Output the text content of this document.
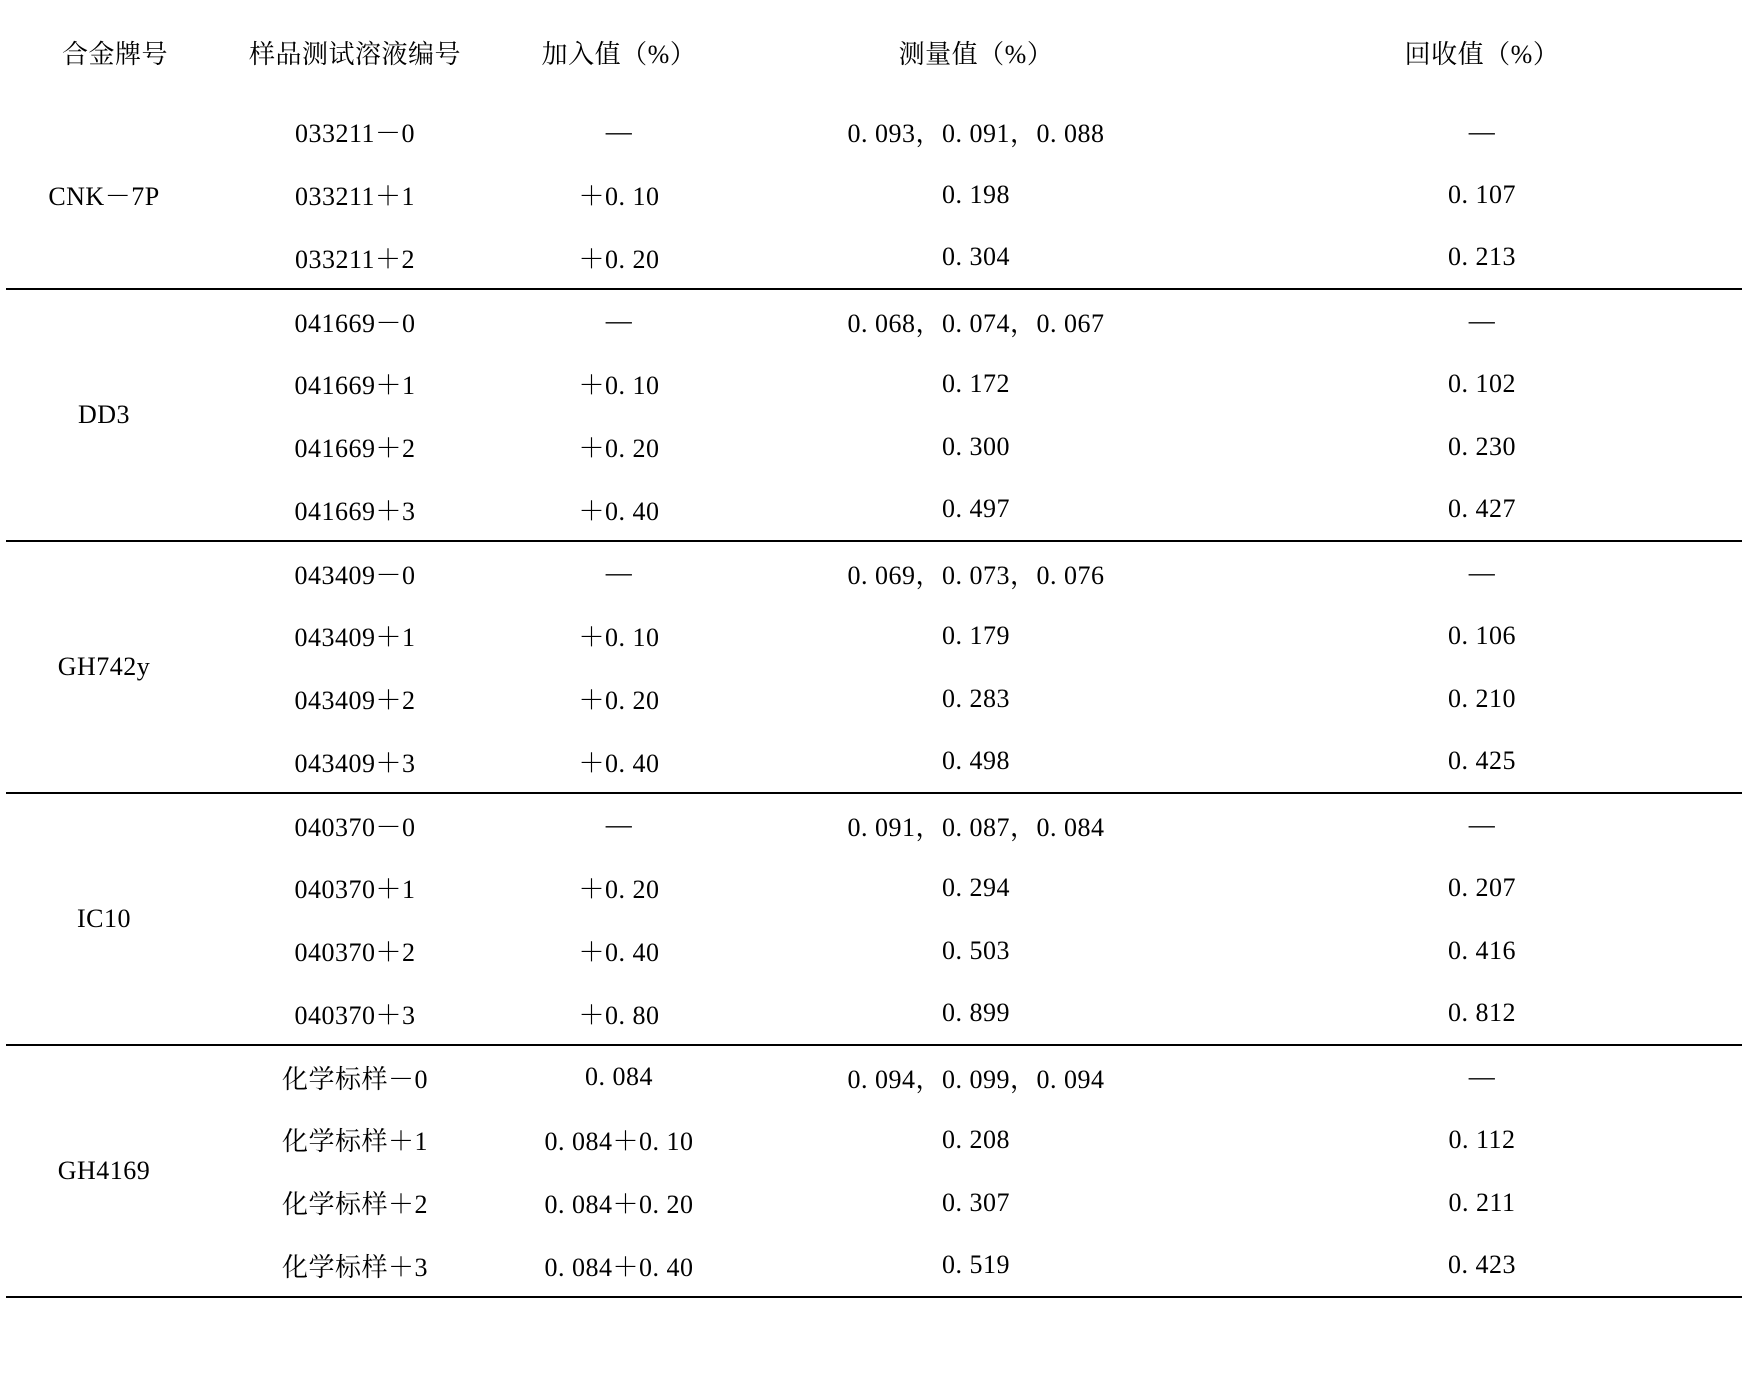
合金牌号	样品测试溶液编号	加入值（%）	测量值（%）	回收值（%）
CNK－7P	033211－0	—	0. 093，0. 091，0. 088	—
	033211＋1	＋0. 10	0. 198	0. 107
	033211＋2	＋0. 20	0. 304	0. 213
DD3	041669－0	—	0. 068，0. 074，0. 067	—
	041669＋1	＋0. 10	0. 172	0. 102
	041669＋2	＋0. 20	0. 300	0. 230
	041669＋3	＋0. 40	0. 497	0. 427
GH742y	043409－0	—	0. 069，0. 073，0. 076	—
	043409＋1	＋0. 10	0. 179	0. 106
	043409＋2	＋0. 20	0. 283	0. 210
	043409＋3	＋0. 40	0. 498	0. 425
IC10	040370－0	—	0. 091，0. 087，0. 084	—
	040370＋1	＋0. 20	0. 294	0. 207
	040370＋2	＋0. 40	0. 503	0. 416
	040370＋3	＋0. 80	0. 899	0. 812
GH4169	化学标样－0	0. 084	0. 094，0. 099，0. 094	—
	化学标样＋1	0. 084＋0. 10	0. 208	0. 112
	化学标样＋2	0. 084＋0. 20	0. 307	0. 211
	化学标样＋3	0. 084＋0. 40	0. 519	0. 423
